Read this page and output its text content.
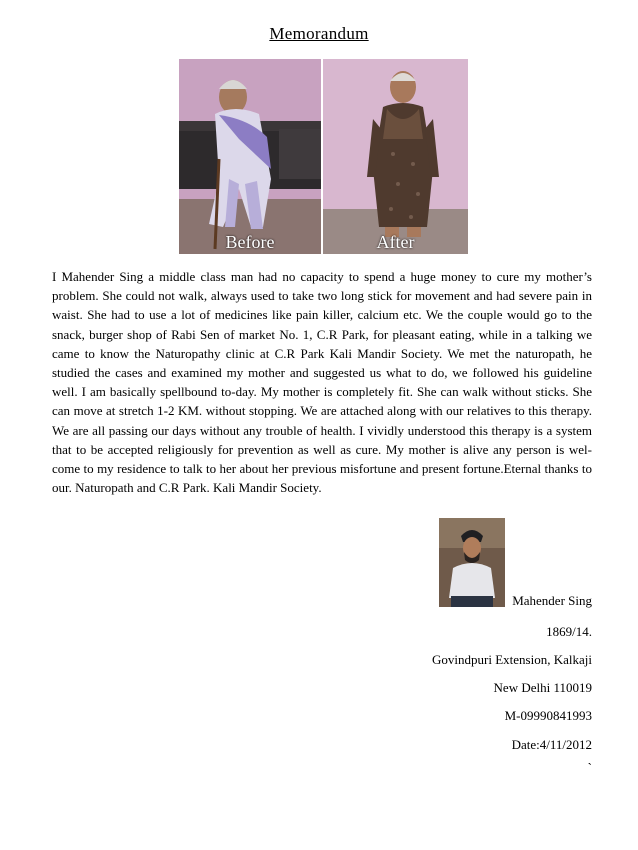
Memorandum
Before	After
I Mahender Sing a middle class man had no capacity to spend a huge money to cure my mother’s problem. She could not walk, always used to take two long stick for movement and had severe pain in waist. She had to use a lot of medicines like pain killer, calcium etc. We the couple would go to the snack, burger shop of Rabi Sen of market No. 1, C.R Park, for pleasant eating, while in a talking we came to know the Naturopathy clinic at C.R Park Kali Mandir Society. We met the naturopath, he studied the cases and examined my mother and suggested us what to do, we followed his guideline well. I am basically spellbound to-day. My mother is completely fit. She can walk without sticks. She can move at stretch 1-2 KM. without stopping. We are attached along with our relatives to this therapy. We are all passing our days without any trouble of health. I vividly understood this therapy is a system that to be accepted religiously for prevention as well as cure. My mother is alive any person is wel-come to my residence to talk to her about her previous misfortune and present fortune.Eternal thanks to our. Naturopath and C.R Park. Kali Mandir Society.
Mahender Sing
1869/14.
Govindpuri Extension, Kalkaji
New Delhi 110019
M-09990841993
Date:4/11/2012
`
